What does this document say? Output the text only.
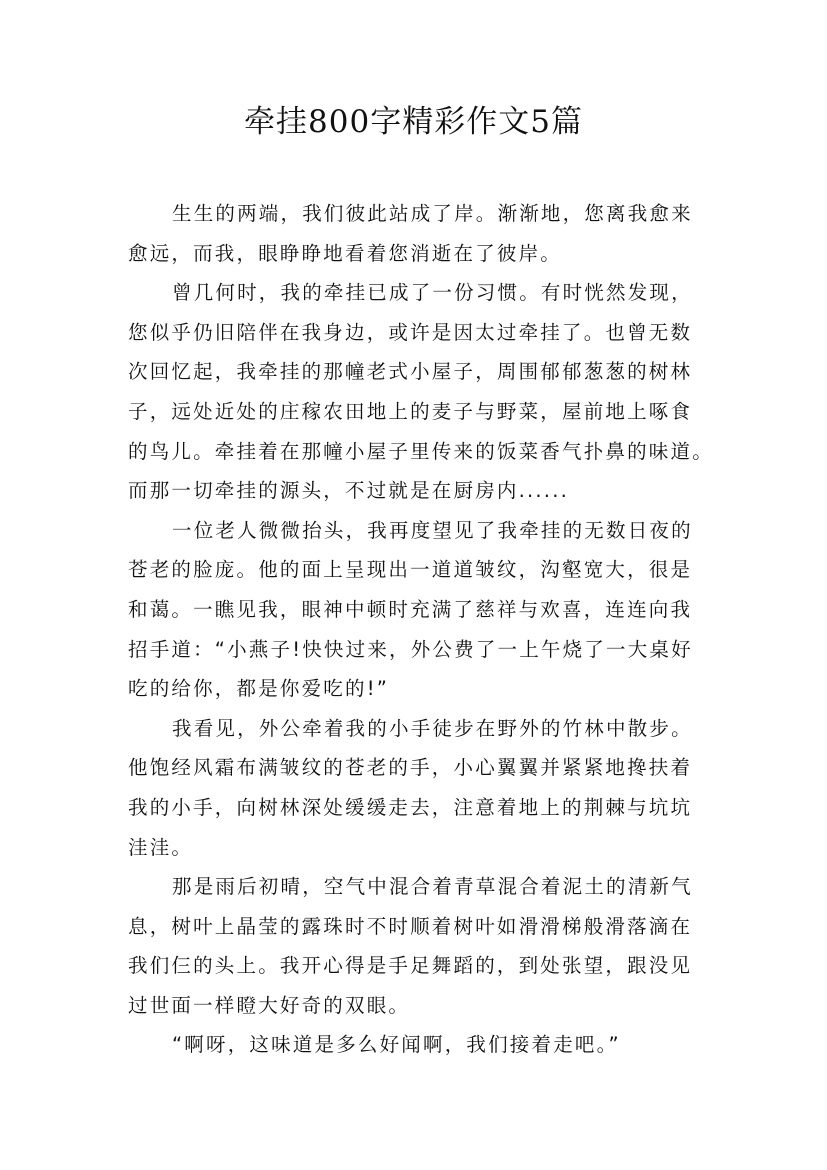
牵挂800字精彩作文5篇
生生的两端，我们彼此站成了岸。渐渐地，您离我愈来
愈远，而我，眼睁睁地看着您消逝在了彼岸。
曾几何时，我的牵挂已成了一份习惯。有时恍然发现，
您似乎仍旧陪伴在我身边，或许是因太过牵挂了。也曾无数
次回忆起，我牵挂的那幢老式小屋子，周围郁郁葱葱的树林
子，远处近处的庄稼农田地上的麦子与野菜，屋前地上啄食
的鸟儿。牵挂着在那幢小屋子里传来的饭菜香气扑鼻的味道。
而那一切牵挂的源头，不过就是在厨房内......
一位老人微微抬头，我再度望见了我牵挂的无数日夜的
苍老的脸庞。他的面上呈现出一道道皱纹，沟壑宽大，很是
和蔼。一瞧见我，眼神中顿时充满了慈祥与欢喜，连连向我
招手道：“小燕子!快快过来，外公费了一上午烧了一大桌好
吃的给你，都是你爱吃的!”
我看见，外公牵着我的小手徒步在野外的竹林中散步。
他饱经风霜布满皱纹的苍老的手，小心翼翼并紧紧地搀扶着
我的小手，向树林深处缓缓走去，注意着地上的荆棘与坑坑
洼洼。
那是雨后初晴，空气中混合着青草混合着泥土的清新气
息，树叶上晶莹的露珠时不时顺着树叶如滑滑梯般滑落滴在
我们仨的头上。我开心得是手足舞蹈的，到处张望，跟没见
过世面一样瞪大好奇的双眼。
“啊呀，这味道是多么好闻啊，我们接着走吧。”
